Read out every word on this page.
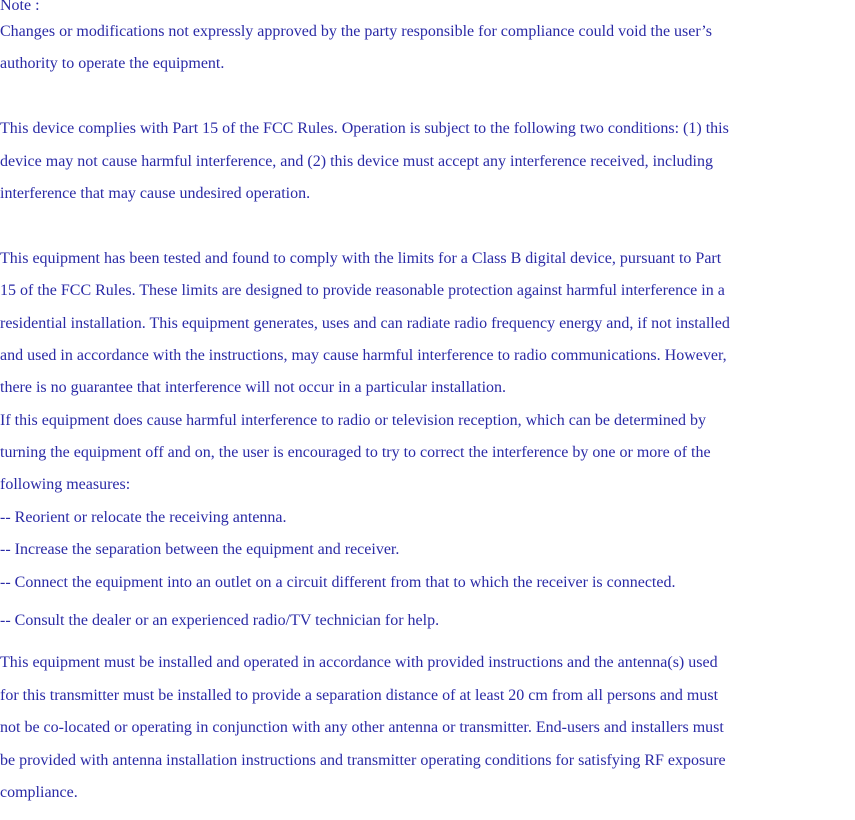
Note :
Changes or modifications not expressly approved by the party responsible for compliance could void the user’s
authority to operate the equipment.
This device complies with Part 15 of the FCC Rules. Operation is subject to the following two conditions: (1) this
device may not cause harmful interference, and (2) this device must accept any interference received, including
interference that may cause undesired operation.
This equipment has been tested and found to comply with the limits for a Class B digital device, pursuant to Part
15 of the FCC Rules. These limits are designed to provide reasonable protection against harmful interference in a
residential installation. This equipment generates, uses and can radiate radio frequency energy and, if not installed
and used in accordance with the instructions, may cause harmful interference to radio communications. However,
there is no guarantee that interference will not occur in a particular installation.
If this equipment does cause harmful interference to radio or television reception, which can be determined by
turning the equipment off and on, the user is encouraged to try to correct the interference by one or more of the
following measures:
-- Reorient or relocate the receiving antenna.
-- Increase the separation between the equipment and receiver.
-- Connect the equipment into an outlet on a circuit different from that to which the receiver is connected.
-- Consult the dealer or an experienced radio/TV technician for help.
This equipment must be installed and operated in accordance with provided instructions and the antenna(s) used
for this transmitter must be installed to provide a separation distance of at least 20 cm from all persons and must
not be co-located or operating in conjunction with any other antenna or transmitter. End-users and installers must
be provided with antenna installation instructions and transmitter operating conditions for satisfying RF exposure
compliance.
